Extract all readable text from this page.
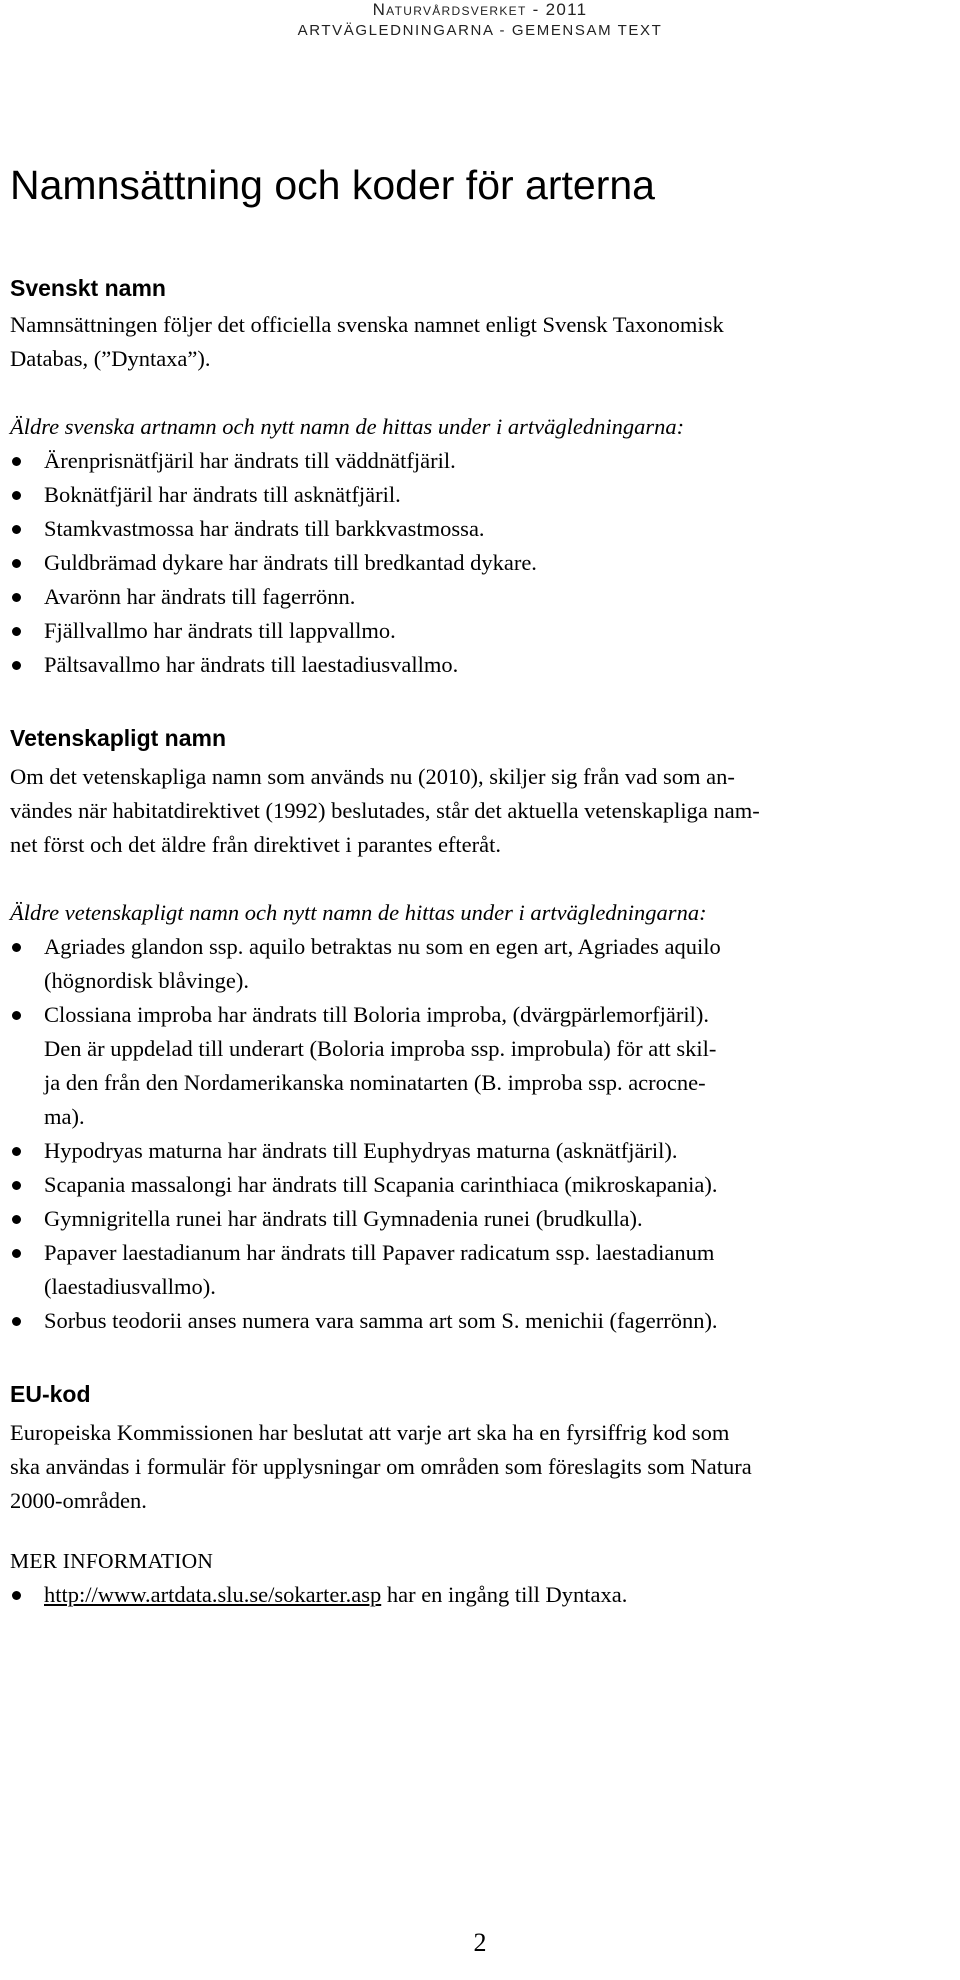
Naturvårdsverket - 2011
ARTVÄGLEDNINGARNA - GEMENSAM TEXT
Namnsättning och koder för arterna
Svenskt namn

Namnsättningen följer det officiella svenska namnet enligt Svensk Taxonomisk
Databas, (”Dyntaxa”).

Äldre svenska artnamn och nytt namn de hittas under i artvägledningarna:

Ärenprisnätfjäril har ändrats till väddnätfjäril.
Boknätfjäril har ändrats till asknätfjäril.
Stamkvastmossa har ändrats till barkkvastmossa.
Guldbrämad dykare har ändrats till bredkantad dykare.
Avarönn har ändrats till fagerrönn.
Fjällvallmo har ändrats till lappvallmo.
Pältsavallmo har ändrats till laestadiusvallmo.
Vetenskapligt namn

Om det vetenskapliga namn som används nu (2010), skiljer sig från vad som an-
vändes när habitatdirektivet (1992) beslutades, står det aktuella vetenskapliga nam-
net först och det äldre från direktivet i parantes efteråt.

Äldre vetenskapligt namn och nytt namn de hittas under i artvägledningarna:

Agriades glandon ssp. aquilo betraktas nu som en egen art, Agriades aquilo
(högnordisk blåvinge).
Clossiana improba har ändrats till Boloria improba, (dvärgpärlemorfjäril).
Den är uppdelad till underart (Boloria improba ssp. improbula) för att skil-
ja den från den Nordamerikanska nominatarten (B. improba ssp. acrocne-
ma).
Hypodryas maturna har ändrats till Euphydryas maturna (asknätfjäril).
Scapania massalongi har ändrats till Scapania carinthiaca (mikroskapania).
Gymnigritella runei har ändrats till Gymnadenia runei (brudkulla).
Papaver laestadianum har ändrats till Papaver radicatum ssp. laestadianum
(laestadiusvallmo).
Sorbus teodorii anses numera vara samma art som S. menichii (fagerrönn).
EU-kod

Europeiska Kommissionen har beslutat att varje art ska ha en fyrsiffrig kod som
ska användas i formulär för upplysningar om områden som föreslagits som Natura
2000-områden.

MER INFORMATION

http://www.artdata.slu.se/sokarter.asp har en ingång till Dyntaxa.
2
